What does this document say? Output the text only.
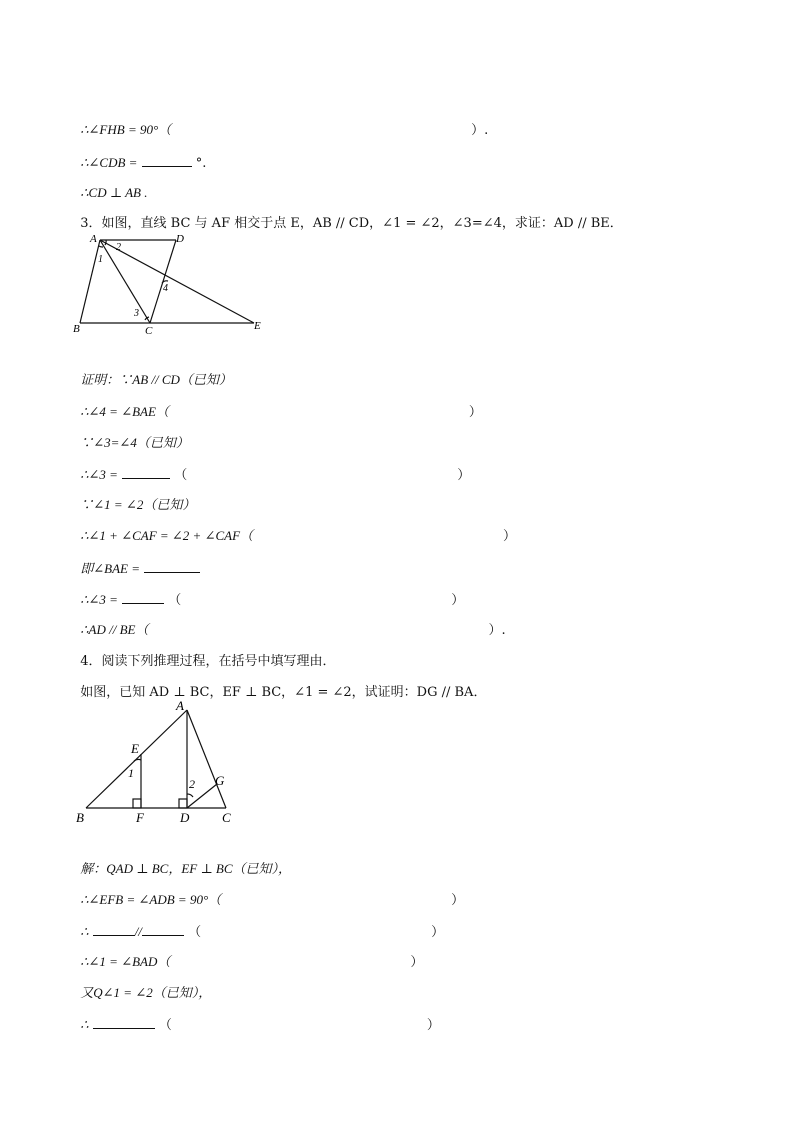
∴∠FHB = 90°（	）.

∴∠CDB =	°.

∴CD ⊥ AB .

3．如图，直线 BC 与 AF 相交于点 E，AB // CD，∠1 = ∠2，∠3=∠4，求证：AD // BE．

A	D
2
1
4
3
B	C	E

证明：∵AB // CD（已知）

∴∠4 = ∠BAE（	）

∵∠3=∠4（已知）

∴∠3 =	（	）

∵∠1 = ∠2（已知）

∴∠1 + ∠CAF = ∠2 + ∠CAF（	）

即∠BAE =

∴∠3 =	（	）

∴AD // BE（	）.

4．阅读下列推理过程，在括号中填写理由．

如图，已知 AD ⊥ BC，EF ⊥ BC，∠1 = ∠2，试证明：DG // BA．

A
E
1
2 G
B	F	D	C

解：QAD ⊥ BC，EF ⊥ BC（已知），

∴∠EFB = ∠ADB = 90°（	）

∴	//	（	）

∴∠1 = ∠BAD（	）

又Q∠1 = ∠2（已知），

∴	（	）
